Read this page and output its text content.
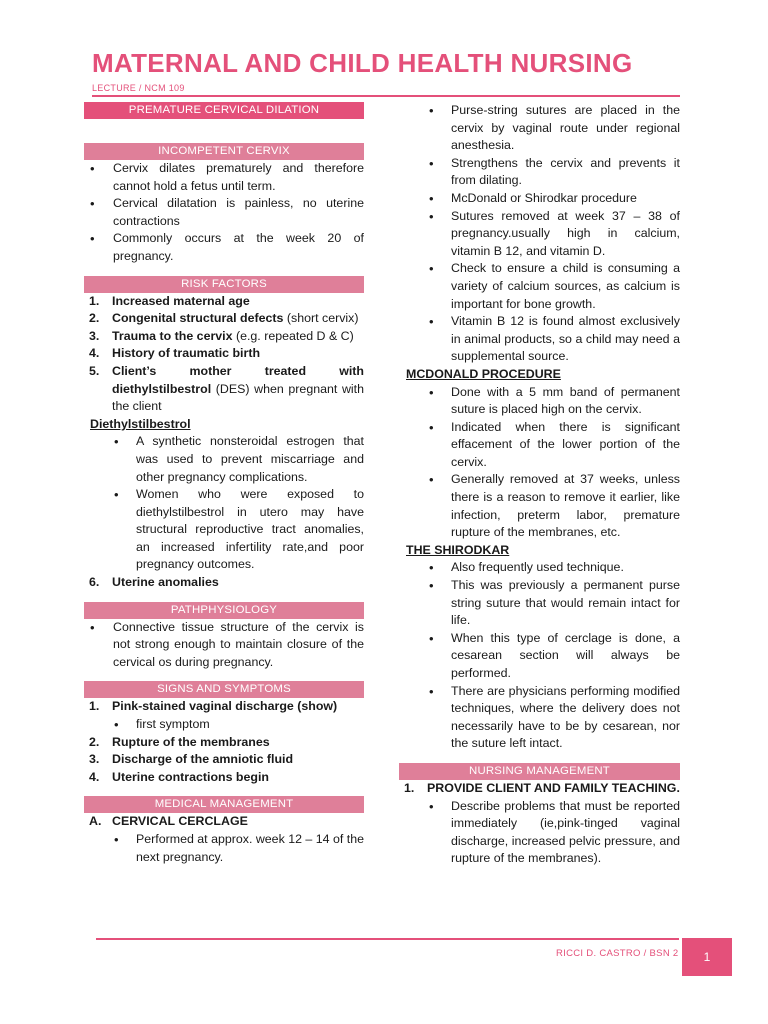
MATERNAL AND CHILD HEALTH NURSING
LECTURE / NCM 109
PREMATURE CERVICAL DILATION
INCOMPETENT CERVIX
• Cervix dilates prematurely and therefore cannot hold a fetus until term.
• Cervical dilatation is painless, no uterine contractions
• Commonly occurs at the week 20 of pregnancy.
RISK FACTORS
1.	Increased maternal age
2.	Congenital structural defects (short cervix)
3.	Trauma to the cervix (e.g. repeated D & C)
4.	History of traumatic birth
5.	Client’s mother treated with diethylstilbestrol (DES) when pregnant with the client
Diethylstilbestrol
• A synthetic nonsteroidal estrogen that was used to prevent miscarriage and other pregnancy complications.
• Women who were exposed to diethylstilbestrol in utero may have structural reproductive tract anomalies, an increased infertility rate,and poor pregnancy outcomes.
6.	Uterine anomalies
PATHPHYSIOLOGY
• Connective tissue structure of the cervix is not strong enough to maintain closure of the cervical os during pregnancy.
SIGNS AND SYMPTOMS
1.	Pink-stained vaginal discharge (show)
• first symptom
2.	Rupture of the membranes
3.	Discharge of the amniotic fluid
4.	Uterine contractions begin
MEDICAL MANAGEMENT
A. CERVICAL CERCLAGE
• Performed at approx. week 12 – 14 of the next pregnancy.
• Purse-string sutures are placed in the cervix by vaginal route under regional anesthesia.
• Strengthens the cervix and prevents it from dilating.
• McDonald or Shirodkar procedure
• Sutures removed at week 37 – 38 of pregnancy.usually high in calcium, vitamin B 12, and vitamin D.
• Check to ensure a child is consuming a variety of calcium sources, as calcium is important for bone growth.
• Vitamin B 12 is found almost exclusively in animal products, so a child may need a supplemental source.
MCDONALD PROCEDURE
• Done with a 5 mm band of permanent suture is placed high on the cervix.
• Indicated when there is significant effacement of the lower portion of the cervix.
• Generally removed at 37 weeks, unless there is a reason to remove it earlier, like infection, preterm labor, premature rupture of the membranes, etc.
THE SHIRODKAR
• Also frequently used technique.
• This was previously a permanent purse string suture that would remain intact for life.
• When this type of cerclage is done, a cesarean section will always be performed.
• There are physicians performing modified techniques, where the delivery does not necessarily have to be by cesarean, nor the suture left intact.
NURSING MANAGEMENT
1.	PROVIDE CLIENT AND FAMILY TEACHING.
• Describe problems that must be reported immediately (ie,pink-tinged vaginal discharge, increased pelvic pressure, and rupture of the membranes).
RICCI D. CASTRO / BSN 2	1
